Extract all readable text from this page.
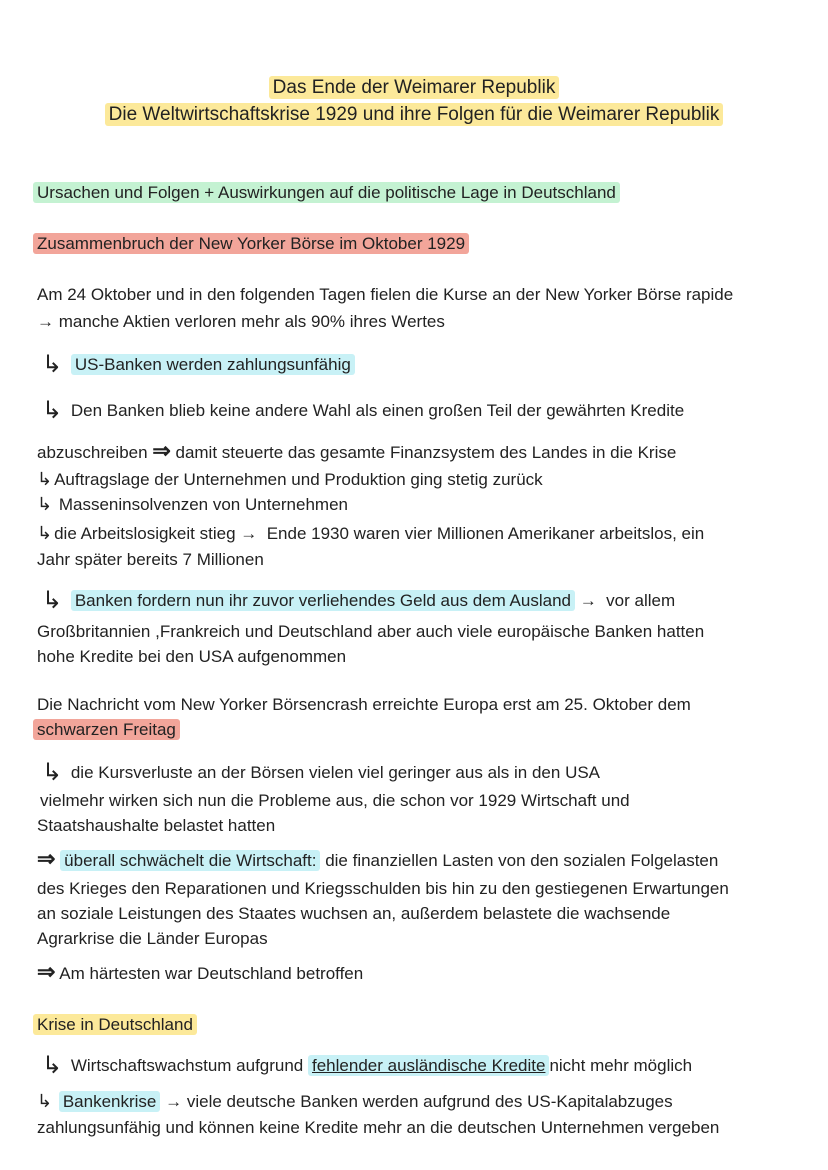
Das Ende der Weimarer Republik
Die Weltwirtschaftskrise 1929 und ihre Folgen für die Weimarer Republik
Ursachen und Folgen + Auswirkungen auf die politische Lage in Deutschland
Zusammenbruch der New Yorker Börse im Oktober 1929
Am 24 Oktober und in den folgenden Tagen fielen die Kurse an der New Yorker Börse rapide
→ manche Aktien verloren mehr als 90% ihres Wertes
↳ US-Banken werden zahlungsunfähig
↳ Den Banken blieb keine andere Wahl als einen großen Teil der gewährten Kredite
abzuschreiben ⇒ damit steuerte das gesamte Finanzsystem des Landes in die Krise
↳ Auftragslage der Unternehmen und Produktion ging stetig zurück
↳ Masseninsolvenzen von Unternehmen
↳ die Arbeitslosigkeit stieg → Ende 1930 waren vier Millionen Amerikaner arbeitslos, ein
Jahr später bereits 7 Millionen
↳ Banken fordern nun ihr zuvor verliehendes Geld aus dem Ausland → vor allem
Großbritannien ,Frankreich und Deutschland aber auch viele europäische Banken hatten
hohe Kredite bei den USA aufgenommen
Die Nachricht vom New Yorker Börsencrash erreichte Europa erst am 25. Oktober dem
schwarzen Freitag
↳ die Kursverluste an der Börsen vielen viel geringer aus als in den USA
vielmehr wirken sich nun die Probleme aus, die schon vor 1929 Wirtschaft und
Staatshaushalte belastet hatten
⇒ überall schwächelt die Wirtschaft: die finanziellen Lasten von den sozialen Folgelasten
des Krieges den Reparationen und Kriegsschulden bis hin zu den gestiegenen Erwartungen
an soziale Leistungen des Staates wuchsen an, außerdem belastete die wachsende
Agrarkrise die Länder Europas
⇒ Am härtesten war Deutschland betroffen
Krise in Deutschland
↳ Wirtschaftswachstum aufgrund fehlender ausländische Kredite nicht mehr möglich
↳ Bankenkrise → viele deutsche Banken werden aufgrund des US-Kapitalabzuges
zahlungsunfähig und können keine Kredite mehr an die deutschen Unternehmen vergeben
